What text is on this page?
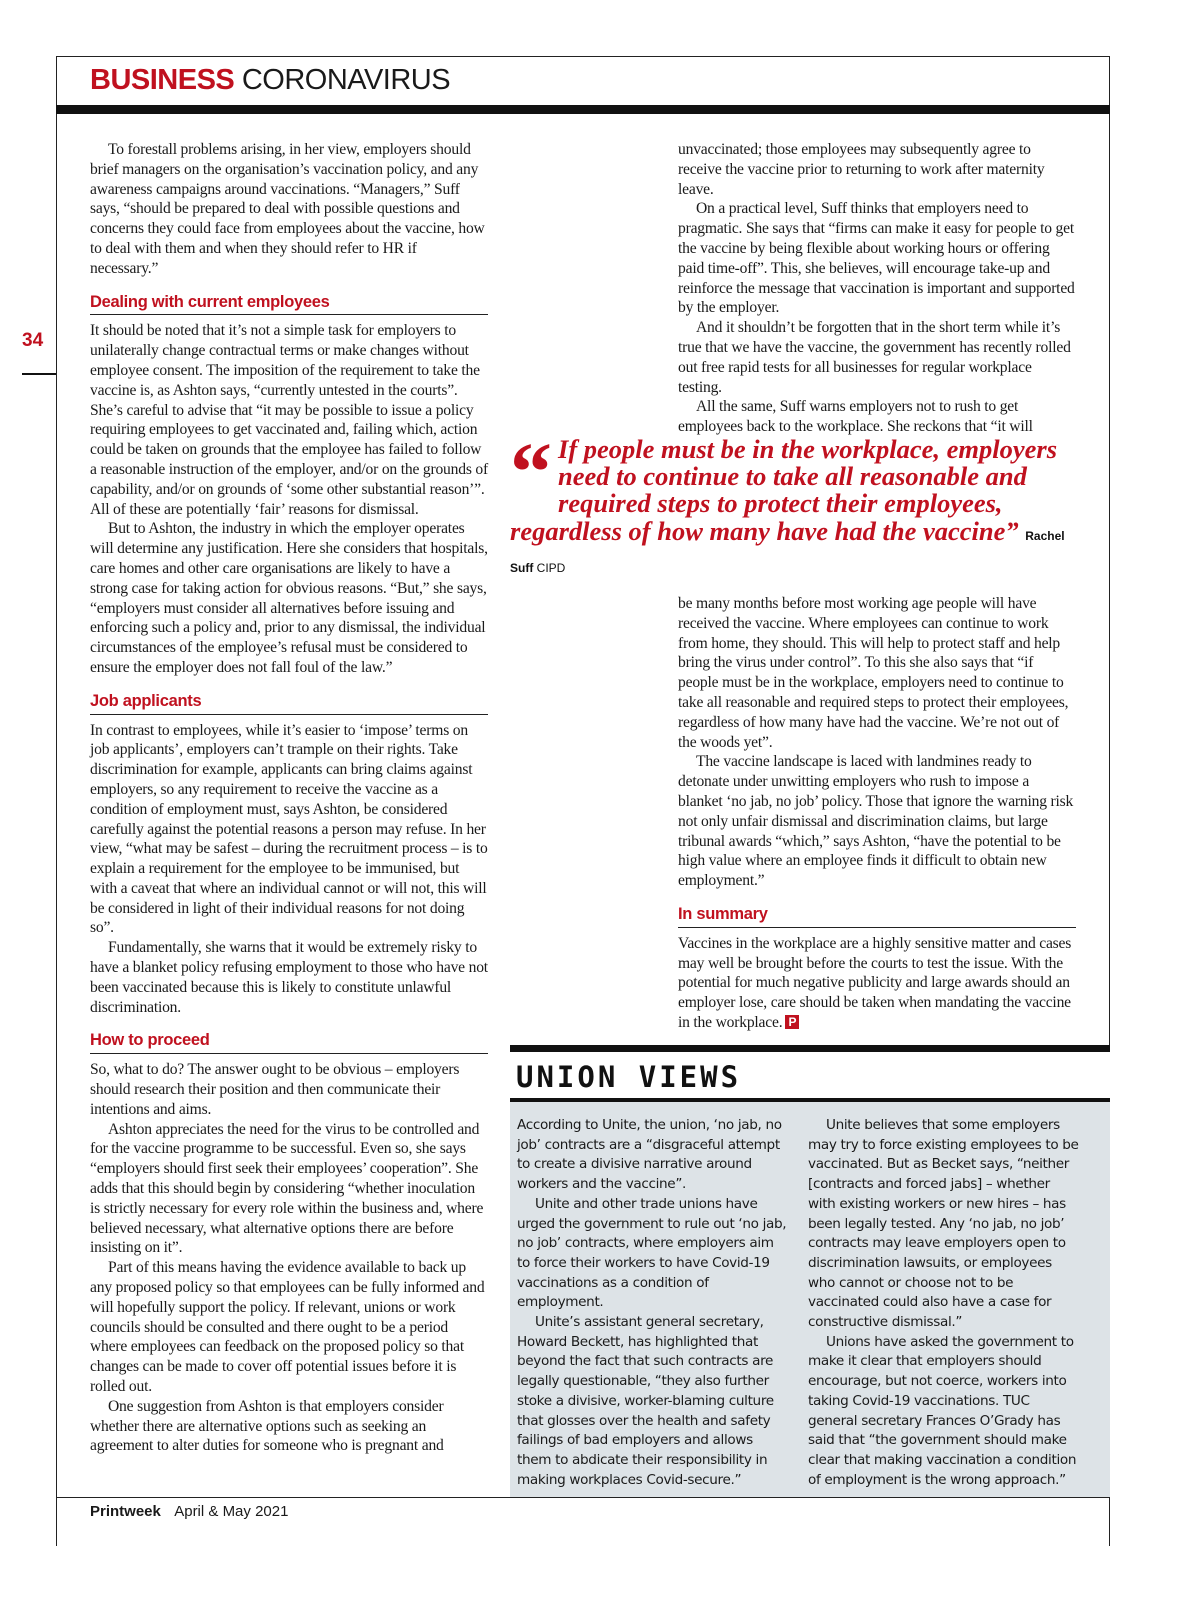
BUSINESS CORONAVIRUS
34

To forestall problems arising, in her view, employers should brief managers on the organisation’s vaccination policy, and any awareness campaigns around vaccinations. “Managers,” Suff says, “should be prepared to deal with possible questions and concerns they could face from employees about the vaccine, how to deal with them and when they should refer to HR if necessary.”

Dealing with current employees

It should be noted that it’s not a simple task for employers to unilaterally change contractual terms or make changes without employee consent. The imposition of the requirement to take the vaccine is, as Ashton says, “currently untested in the courts”. She’s careful to advise that “it may be possible to issue a policy requiring employees to get vaccinated and, failing which, action could be taken on grounds that the employee has failed to follow a reasonable instruction of the employer, and/or on the grounds of capability, and/or on grounds of ‘some other substantial reason’”. All of these are potentially ‘fair’ reasons for dismissal.

But to Ashton, the industry in which the employer operates will determine any justification. Here she considers that hospitals, care homes and other care organisations are likely to have a strong case for taking action for obvious reasons. “But,” she says, “employers must consider all alternatives before issuing and enforcing such a policy and, prior to any dismissal, the individual circumstances of the employee’s refusal must be considered to ensure the employer does not fall foul of the law.”

Job applicants

In contrast to employees, while it’s easier to ‘impose’ terms on job applicants’, employers can’t trample on their rights. Take discrimination for example, applicants can bring claims against employers, so any requirement to receive the vaccine as a condition of employment must, says Ashton, be considered carefully against the potential reasons a person may refuse. In her view, “what may be safest – during the recruitment process – is to explain a requirement for the employee to be immunised, but with a caveat that where an individual cannot or will not, this will be considered in light of their individual reasons for not doing so”.

Fundamentally, she warns that it would be extremely risky to have a blanket policy refusing employment to those who have not been vaccinated because this is likely to constitute unlawful discrimination.

How to proceed

So, what to do? The answer ought to be obvious – employers should research their position and then communicate their intentions and aims.

Ashton appreciates the need for the virus to be controlled and for the vaccine programme to be successful. Even so, she says “employers should first seek their employees’ cooperation”. She adds that this should begin by considering “whether inoculation is strictly necessary for every role within the business and, where believed necessary, what alternative options there are before insisting on it”.

Part of this means having the evidence available to back up any proposed policy so that employees can be fully informed and will hopefully support the policy. If relevant, unions or work councils should be consulted and there ought to be a period where employees can feedback on the proposed policy so that changes can be made to cover off potential issues before it is rolled out.

One suggestion from Ashton is that employers consider whether there are alternative options such as seeking an agreement to alter duties for someone who is pregnant and

unvaccinated; those employees may subsequently agree to receive the vaccine prior to returning to work after maternity leave.

On a practical level, Suff thinks that employers need to pragmatic. She says that “firms can make it easy for people to get the vaccine by being flexible about working hours or offering paid time-off”. This, she believes, will encourage take-up and reinforce the message that vaccination is important and supported by the employer.

And it shouldn’t be forgotten that in the short term while it’s true that we have the vaccine, the government has recently rolled out free rapid tests for all businesses for regular workplace testing.

All the same, Suff warns employers not to rush to get employees back to the workplace. She reckons that “it will

“ If people must be in the workplace, employers need to continue to take all reasonable and required steps to protect their employees, regardless of how many have had the vaccine” Rachel Suff CIPD

be many months before most working age people will have received the vaccine. Where employees can continue to work from home, they should. This will help to protect staff and help bring the virus under control”. To this she also says that “if people must be in the workplace, employers need to continue to take all reasonable and required steps to protect their employees, regardless of how many have had the vaccine. We’re not out of the woods yet”.

The vaccine landscape is laced with landmines ready to detonate under unwitting employers who rush to impose a blanket ‘no jab, no job’ policy. Those that ignore the warning risk not only unfair dismissal and discrimination claims, but large tribunal awards “which,” says Ashton, “have the potential to be high value where an employee finds it difficult to obtain new employment.”

In summary

Vaccines in the workplace are a highly sensitive matter and cases may well be brought before the courts to test the issue. With the potential for much negative publicity and large awards should an employer lose, care should be taken when mandating the vaccine in the workplace. P

UNION VIEWS

According to Unite, the union, ‘no jab, no job’ contracts are a “disgraceful attempt to create a divisive narrative around workers and the vaccine”.

Unite and other trade unions have urged the government to rule out ‘no jab, no job’ contracts, where employers aim to force their workers to have Covid-19 vaccinations as a condition of employment.

Unite’s assistant general secretary, Howard Beckett, has highlighted that beyond the fact that such contracts are legally questionable, “they also further stoke a divisive, worker-blaming culture that glosses over the health and safety failings of bad employers and allows them to abdicate their responsibility in making workplaces Covid-secure.”

Unite believes that some employers may try to force existing employees to be vaccinated. But as Becket says, “neither [contracts and forced jabs] – whether with existing workers or new hires – has been legally tested. Any ‘no jab, no job’ contracts may leave employers open to discrimination lawsuits, or employees who cannot or choose not to be vaccinated could also have a case for constructive dismissal.”

Unions have asked the government to make it clear that employers should encourage, but not coerce, workers into taking Covid-19 vaccinations. TUC general secretary Frances O’Grady has said that “the government should make clear that making vaccination a condition of employment is the wrong approach.”

Printweek April & May 2021
